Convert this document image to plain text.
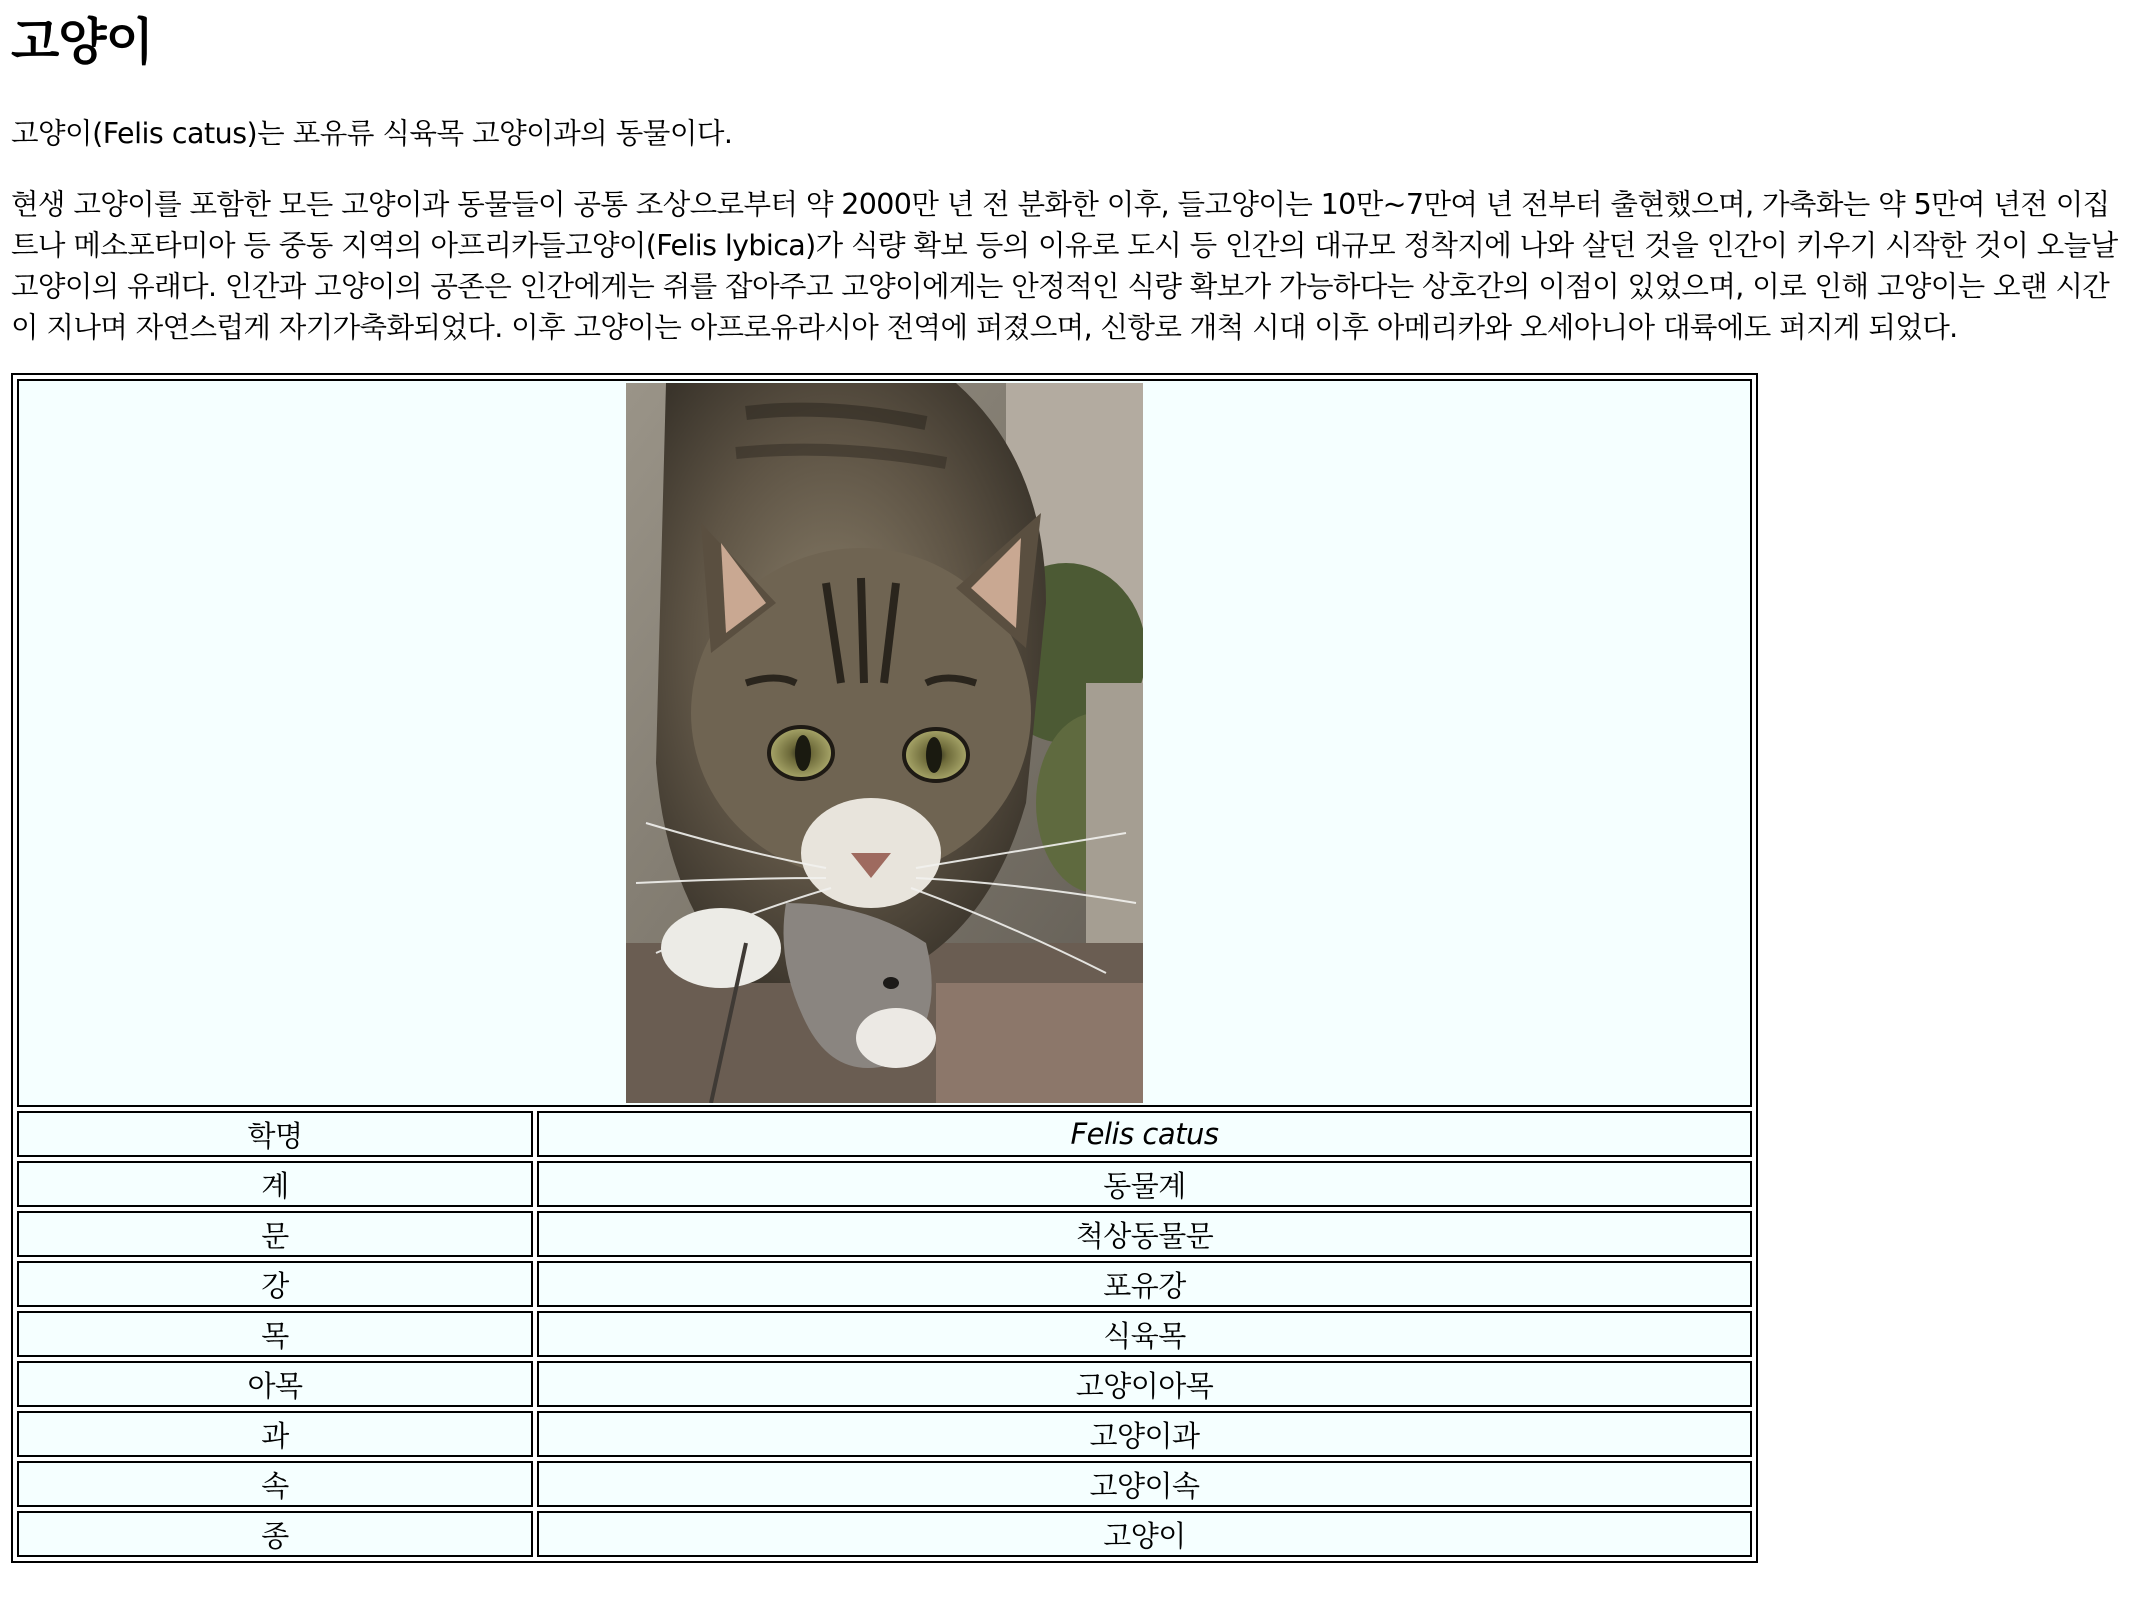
고양이

고양이(Felis catus)는 포유류 식육목 고양이과의 동물이다.

현생 고양이를 포함한 모든 고양이과 동물들이 공통 조상으로부터 약 2000만 년 전 분화한 이후, 들고양이는 10만~7만여 년 전부터 출현했으며, 가축화는 약 5만여 년전 이집트나 메소포타미아 등 중동 지역의 아프리카들고양이(Felis lybica)가 식량 확보 등의 이유로 도시 등 인간의 대규모 정착지에 나와 살던 것을 인간이 키우기 시작한 것이 오늘날 고양이의 유래다. 인간과 고양이의 공존은 인간에게는 쥐를 잡아주고 고양이에게는 안정적인 식량 확보가 가능하다는 상호간의 이점이 있었으며, 이로 인해 고양이는 오랜 시간이 지나며 자연스럽게 자기가축화되었다. 이후 고양이는 아프로유라시아 전역에 퍼졌으며, 신항로 개척 시대 이후 아메리카와 오세아니아 대륙에도 퍼지게 되었다.

학명	Felis catus
계	동물계
문	척상동물문
강	포유강
목	식육목
아목	고양이아목
과	고양이과
속	고양이속
종	고양이
